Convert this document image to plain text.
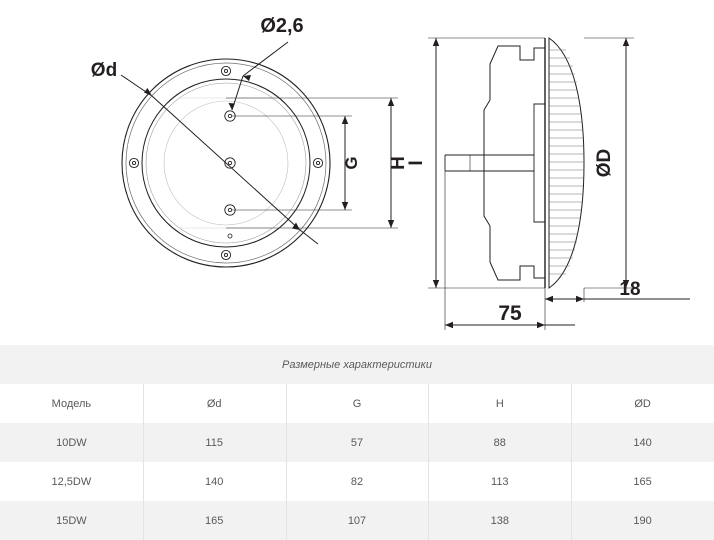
Ø2,6
Ød
G H
I	ØD
18
75
Размерные характеристики				
Модель	Ød	G	H	ØD
10DW	115	57	88	140
12,5DW	140	82	113	165
15DW	165	107	138	190
